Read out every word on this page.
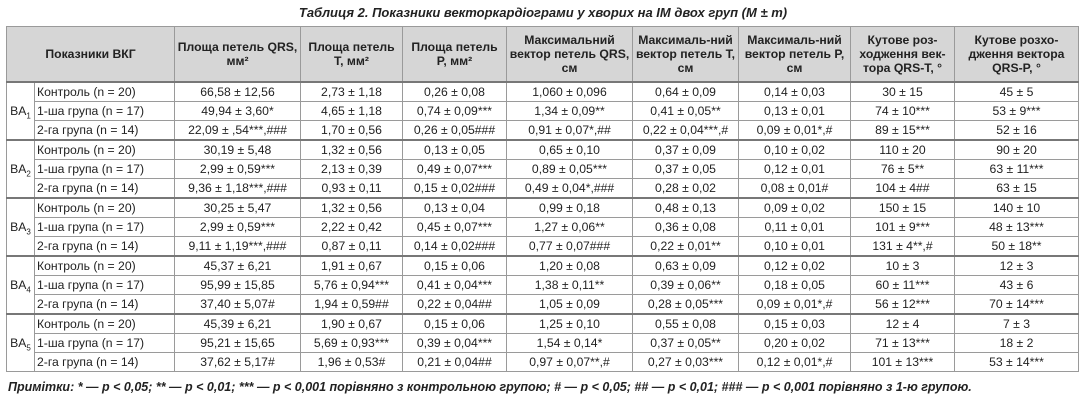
Таблиця 2. Показники векторкардіограми у хворих на ІМ двох груп (M ± m)
Показники ВКГ		Площа петель QRS, мм²	Площа петель T, мм²	Площа петель P, мм²	Максимальний вектор петель QRS, см	Максималь-ний вектор петель T, см	Максималь-ний вектор петель P, см	Кутове роз-ходження век-тора QRS-T, °	Кутове розхо-дження вектора QRS-P, °
$BA_1$	Контроль (n = 20)	66,58 ± 12,56	2,73 ± 1,18	0,26 ± 0,08	1,060 ± 0,096	0,64 ± 0,09	0,14 ± 0,03	30 ± 15	45 ± 5
	1-ша група (n = 17)	49,94 ± 3,60*	4,65 ± 1,18	0,74 ± 0,09***	1,34 ± 0,09**	0,41 ± 0,05**	0,13 ± 0,01	74 ± 10***	53 ± 9***
	2-га група (n = 14)	22,09 ± ,54***,###	1,70 ± 0,56	0,26 ± 0,05###	0,91 ± 0,07*,##	0,22 ± 0,04***,#	0,09 ± 0,01*,#	89 ± 15***	52 ± 16
$BA_2$	Контроль (n = 20)	30,19 ± 5,48	1,32 ± 0,56	0,13 ± 0,05	0,65 ± 0,10	0,37 ± 0,09	0,10 ± 0,02	110 ± 20	90 ± 20
	1-ша група (n = 17)	2,99 ± 0,59***	2,13 ± 0,39	0,49 ± 0,07***	0,89 ± 0,05***	0,37 ± 0,05	0,12 ± 0,01	76 ± 5**	63 ± 11***
	2-га група (n = 14)	9,36 ± 1,18***,###	0,93 ± 0,11	0,15 ± 0,02###	0,49 ± 0,04*,###	0,28 ± 0,02	0,08 ± 0,01#	104 ± 4##	63 ± 15
$BA_3$	Контроль (n = 20)	30,25 ± 5,47	1,32 ± 0,56	0,13 ± 0,04	0,99 ± 0,18	0,48 ± 0,13	0,09 ± 0,02	150 ± 15	140 ± 10
	1-ша група (n = 17)	2,99 ± 0,59***	2,22 ± 0,42	0,45 ± 0,07***	1,27 ± 0,06**	0,36 ± 0,08	0,11 ± 0,01	101 ± 9***	48 ± 13***
	2-га група (n = 14)	9,11 ± 1,19***,###	0,87 ± 0,11	0,14 ± 0,02###	0,77 ± 0,07###	0,22 ± 0,01**	0,10 ± 0,01	131 ± 4**,#	50 ± 18**
$BA_4$	Контроль (n = 20)	45,37 ± 6,21	1,91 ± 0,67	0,15 ± 0,06	1,20 ± 0,08	0,63 ± 0,09	0,12 ± 0,02	10 ± 3	12 ± 3
	1-ша група (n = 17)	95,99 ± 15,85	5,76 ± 0,94***	0,41 ± 0,04***	1,38 ± 0,11**	0,39 ± 0,06**	0,18 ± 0,05	60 ± 11***	43 ± 6
	2-га група (n = 14)	37,40 ± 5,07#	1,94 ± 0,59##	0,22 ± 0,04##	1,05 ± 0,09	0,28 ± 0,05***	0,09 ± 0,01*,#	56 ± 12***	70 ± 14***
$BA_5$	Контроль (n = 20)	45,39 ± 6,21	1,90 ± 0,67	0,15 ± 0,06	1,25 ± 0,10	0,55 ± 0,08	0,15 ± 0,03	12 ± 4	7 ± 3
	1-ша група (n = 17)	95,21 ± 15,65	5,69 ± 0,93***	0,39 ± 0,04***	1,54 ± 0,14*	0,37 ± 0,05**	0,20 ± 0,02	71 ± 13***	18 ± 2
	2-га група (n = 14)	37,62 ± 5,17#	1,96 ± 0,53#	0,21 ± 0,04##	0,97 ± 0,07**,#	0,27 ± 0,03***	0,12 ± 0,01*,#	101 ± 13***	53 ± 14***
Примітки: * — p < 0,05; ** — p < 0,01; *** — p < 0,001 порівняно з контрольною групою; # — p < 0,05; ## — p < 0,01; ### — p < 0,001 порівняно з 1-ю групою.
